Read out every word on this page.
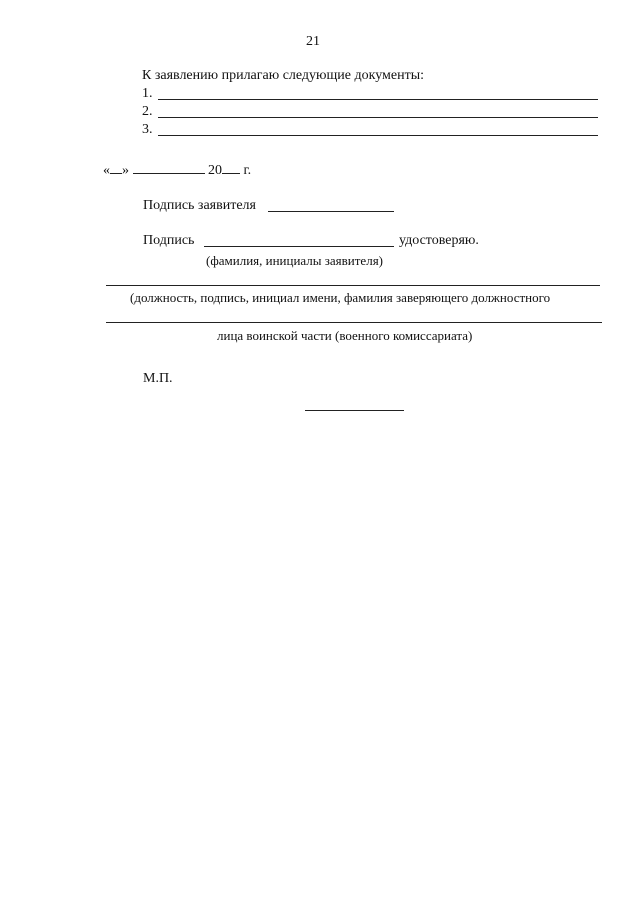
21
К заявлению прилагаю следующие документы:
1.
2.
3.
« »	20 г.
Подпись заявителя
Подпись	удостоверяю.
(фамилия, инициалы заявителя)
(должность, подпись, инициал имени, фамилия заверяющего должностного
лица воинской части (военного комиссариата)
М.П.
